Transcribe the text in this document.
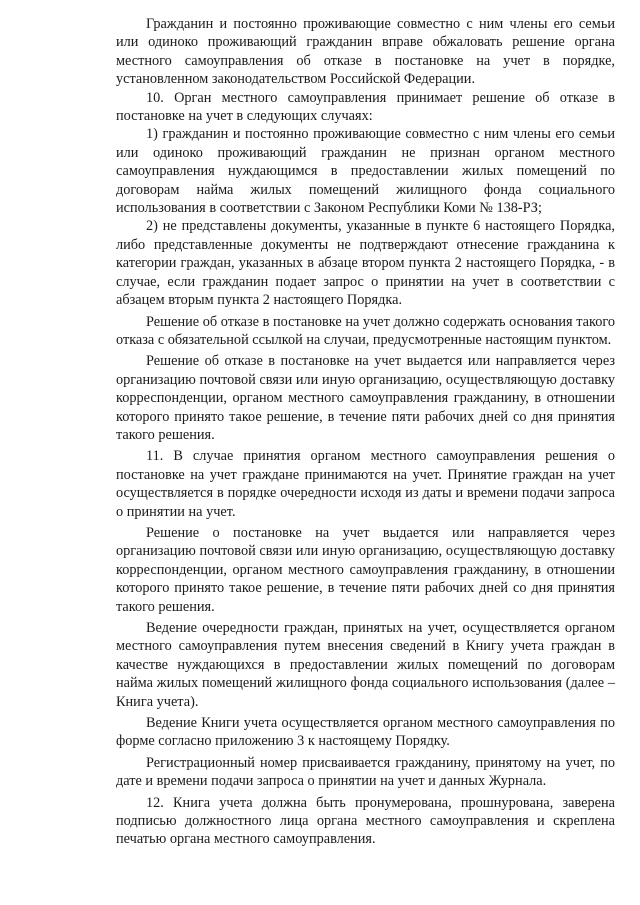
Гражданин и постоянно проживающие совместно с ним члены его семьи или одиноко проживающий гражданин вправе обжаловать решение органа местного самоуправления об отказе в постановке на учет в порядке, установленном законодательством Российской Федерации.

10. Орган местного самоуправления принимает решение об отказе в постановке на учет в следующих случаях:

1) гражданин и постоянно проживающие совместно с ним члены его семьи или одиноко проживающий гражданин не признан органом местного самоуправления нуждающимся в предоставлении жилых помещений по договорам найма жилых помещений жилищного фонда социального использования в соответствии с Законом Республики Коми № 138-РЗ;

2) не представлены документы, указанные в пункте 6 настоящего Порядка, либо представленные документы не подтверждают отнесение гражданина к категории граждан, указанных в абзаце втором пункта 2 настоящего Порядка, - в случае, если гражданин подает запрос о принятии на учет в соответствии с абзацем вторым пункта 2 настоящего Порядка.

Решение об отказе в постановке на учет должно содержать основания такого отказа с обязательной ссылкой на случаи, предусмотренные настоящим пунктом.

Решение об отказе в постановке на учет выдается или направляется через организацию почтовой связи или иную организацию, осуществляющую доставку корреспонденции, органом местного самоуправления гражданину, в отношении которого принято такое решение, в течение пяти рабочих дней со дня принятия такого решения.

11. В случае принятия органом местного самоуправления решения о постановке на учет граждане принимаются на учет. Принятие граждан на учет осуществляется в порядке очередности исходя из даты и времени подачи запроса о принятии на учет.

Решение о постановке на учет выдается или направляется через организацию почтовой связи или иную организацию, осуществляющую доставку корреспонденции, органом местного самоуправления гражданину, в отношении которого принято такое решение, в течение пяти рабочих дней со дня принятия такого решения.

Ведение очередности граждан, принятых на учет, осуществляется органом местного самоуправления путем внесения сведений в Книгу учета граждан в качестве нуждающихся в предоставлении жилых помещений по договорам найма жилых помещений жилищного фонда социального использования (далее – Книга учета).

Ведение Книги учета осуществляется органом местного самоуправления по форме согласно приложению 3 к настоящему Порядку.

Регистрационный номер присваивается гражданину, принятому на учет, по дате и времени подачи запроса о принятии на учет и данных Журнала.

12. Книга учета должна быть пронумерована, прошнурована, заверена подписью должностного лица органа местного самоуправления и скреплена печатью органа местного самоуправления.
